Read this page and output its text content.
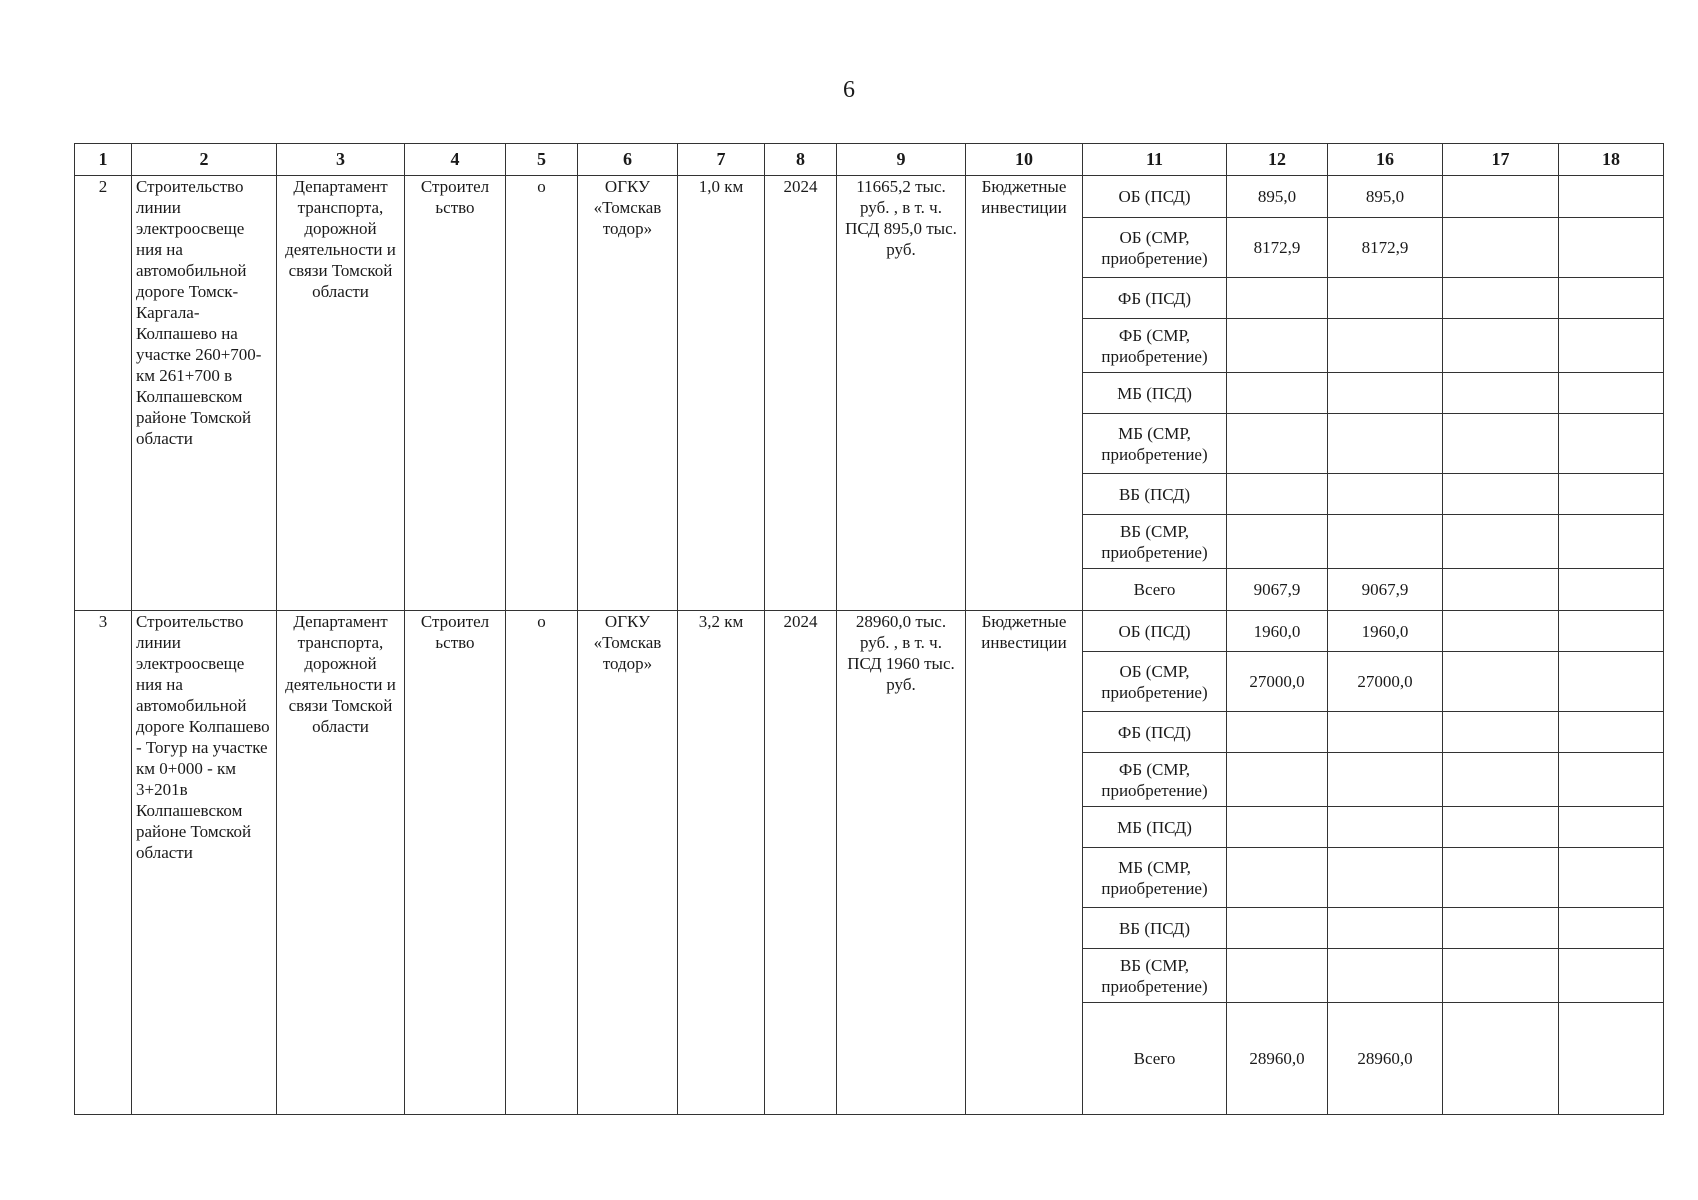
6
1	2	3	4	5	6	7	8	9	10	11	12	16	17	18
2	Строительство линии электроосвеще ния на автомобильной дороге Томск-Каргала-Колпашево на участке 260+700- км 261+700 в Колпашевском районе Томской области	Департамент транспорта, дорожной деятельности и связи Томской области	Строител ьство	о	ОГКУ «Томскав тодор»	1,0 км	2024	11665,2 тыс. руб. , в т. ч. ПСД 895,0 тыс. руб.	Бюджетные инвестиции	ОБ (ПСД)	895,0	895,0		
										ОБ (СМР, приобретение)	8172,9	8172,9		
										ФБ (ПСД)				
										ФБ (СМР, приобретение)				
										МБ (ПСД)				
										МБ (СМР, приобретение)				
										ВБ (ПСД)				
										ВБ (СМР, приобретение)				
										Всего	9067,9	9067,9		
3	Строительство линии электроосвеще ния на автомобильной дороге Колпашево - Тогур на участке км 0+000 - км 3+201в Колпашевском районе Томской области	Департамент транспорта, дорожной деятельности и связи Томской области	Строител ьство	о	ОГКУ «Томскав тодор»	3,2 км	2024	28960,0 тыс. руб. , в т. ч. ПСД 1960 тыс. руб.	Бюджетные инвестиции	ОБ (ПСД)	1960,0	1960,0		
										ОБ (СМР, приобретение)	27000,0	27000,0		
										ФБ (ПСД)				
										ФБ (СМР, приобретение)				
										МБ (ПСД)				
										МБ (СМР, приобретение)				
										ВБ (ПСД)				
										ВБ (СМР, приобретение)				
										Всего	28960,0	28960,0		
